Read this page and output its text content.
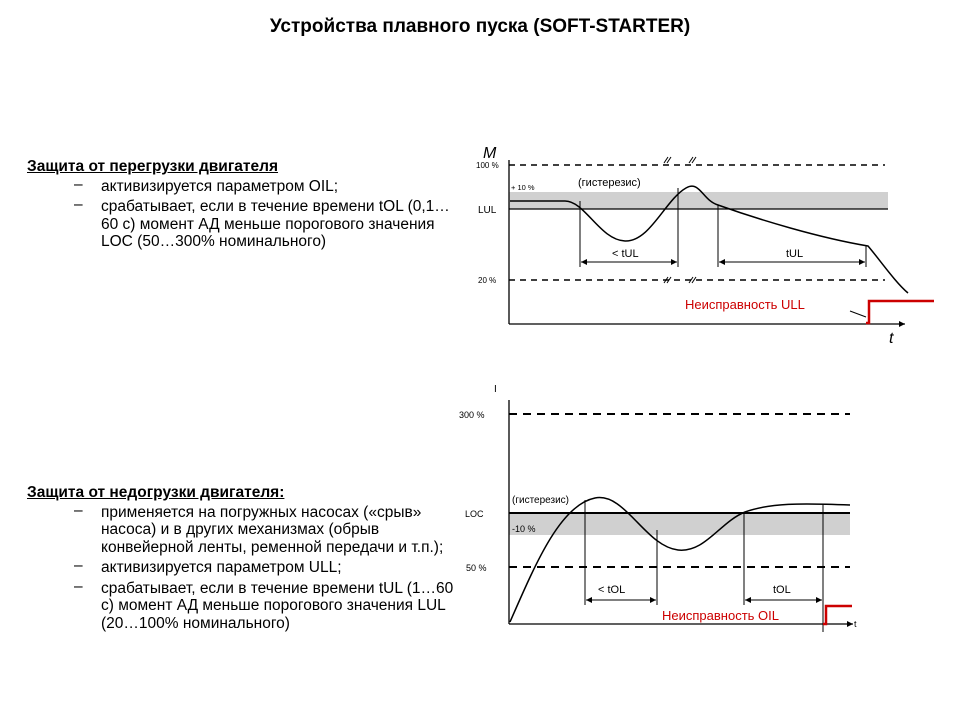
Устройства плавного пуска (SOFT-STARTER)
Защита от перегрузки двигателя
– активизируется параметром OIL;
– срабатывает, если в течение времени tOL (0,1…60 с) момент АД меньше порогового значения LOC (50…300% номинального)
Защита от недогрузки двигателя:
– применяется на погружных насосах («срыв» насоса) и в других механизмах (обрыв конвейерной ленты, ременной передачи и т.п.);
– активизируется параметром ULL;
– срабатывает, если в течение времени tUL (1…60 с) момент АД меньше порогового значения LUL (20…100% номинального)
M
t
100 %
+ 10 %
LUL
20 %
(гистерезис)
< tUL	tUL
Неисправность ULL
I
t
300 %
LOC
-10 %
50 %
(гистерезис)
< tOL	tOL
Неисправность OIL
